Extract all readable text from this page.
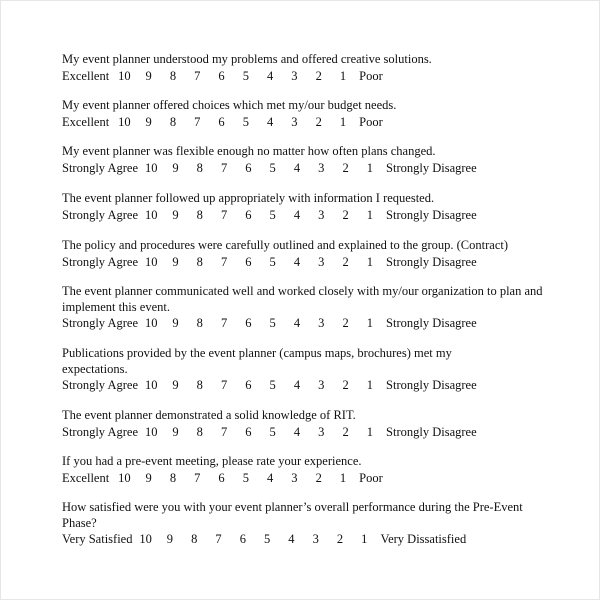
My event planner understood my problems and offered creative solutions.

Excellent 10	9	8	7	6	5	4	3	2	1	Poor

My event planner offered choices which met my/our budget needs.

Excellent 10	9	8	7	6	5	4	3	2	1	Poor

My event planner was flexible enough no matter how often plans changed.

Strongly Agree 10	9	8	7	6	5	4	3	2	1	Strongly Disagree

The event planner followed up appropriately with information I requested.

Strongly Agree 10	9	8	7	6	5	4	3	2	1	Strongly Disagree

The policy and procedures were carefully outlined and explained to the group. (Contract)

Strongly Agree 10	9	8	7	6	5	4	3	2	1	Strongly Disagree

The event planner communicated well and worked closely with my/our organization to plan and implement this event.

Strongly Agree 10	9	8	7	6	5	4	3	2	1	Strongly Disagree

Publications provided by the event planner (campus maps, brochures) met my expectations.

Strongly Agree 10	9	8	7	6	5	4	3	2	1	Strongly Disagree

The event planner demonstrated a solid knowledge of RIT.

Strongly Agree 10	9	8	7	6	5	4	3	2	1	Strongly Disagree

If you had a pre-event meeting, please rate your experience.

Excellent 10	9	8	7	6	5	4	3	2	1	Poor

How satisfied were you with your event planner’s overall performance during the Pre-Event Phase?

Very Satisfied 10	9	8	7	6	5	4	3	2	1	Very Dissatisfied
